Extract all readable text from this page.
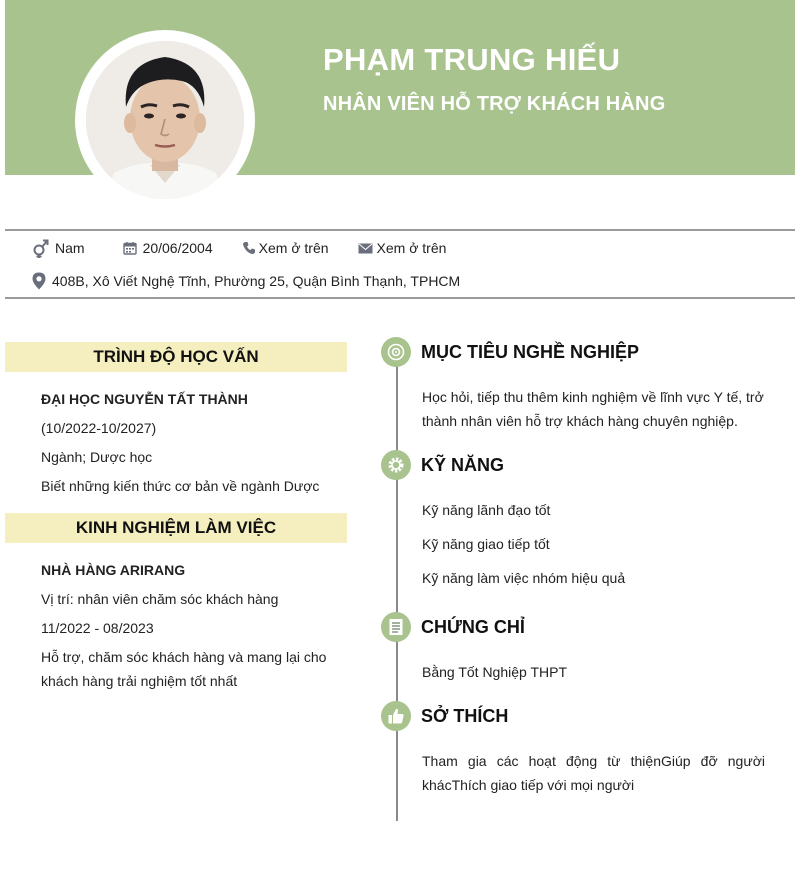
PHẠM TRUNG HIẾU
NHÂN VIÊN HỖ TRỢ KHÁCH HÀNG
Nam	20/06/2004	Xem ở trên	Xem ở trên
408B, Xô Viết Nghệ Tĩnh, Phường 25, Quận Bình Thạnh, TPHCM
TRÌNH ĐỘ HỌC VẤN

ĐẠI HỌC NGUYỄN TẤT THÀNH

(10/2022-10/2027)

Ngành; Dược học

Biết những kiến thức cơ bản về ngành Dược

KINH NGHIỆM LÀM VIỆC

NHÀ HÀNG ARIRANG

Vị trí: nhân viên chăm sóc khách hàng

11/2022 - 08/2023

Hỗ trợ, chăm sóc khách hàng và mang lại cho khách hàng trải nghiệm tốt nhất

MỤC TIÊU NGHỀ NGHIỆP

Học hỏi, tiếp thu thêm kinh nghiệm về lĩnh vực Y tế, trở thành nhân viên hỗ trợ khách hàng chuyên nghiệp.

KỸ NĂNG

Kỹ năng lãnh đạo tốt

Kỹ năng giao tiếp tốt

Kỹ năng làm việc nhóm hiệu quả

CHỨNG CHỈ

Bằng Tốt Nghiệp THPT

SỞ THÍCH

Tham gia các hoạt động từ thiệnGiúp đỡ người khácThích giao tiếp với mọi người
